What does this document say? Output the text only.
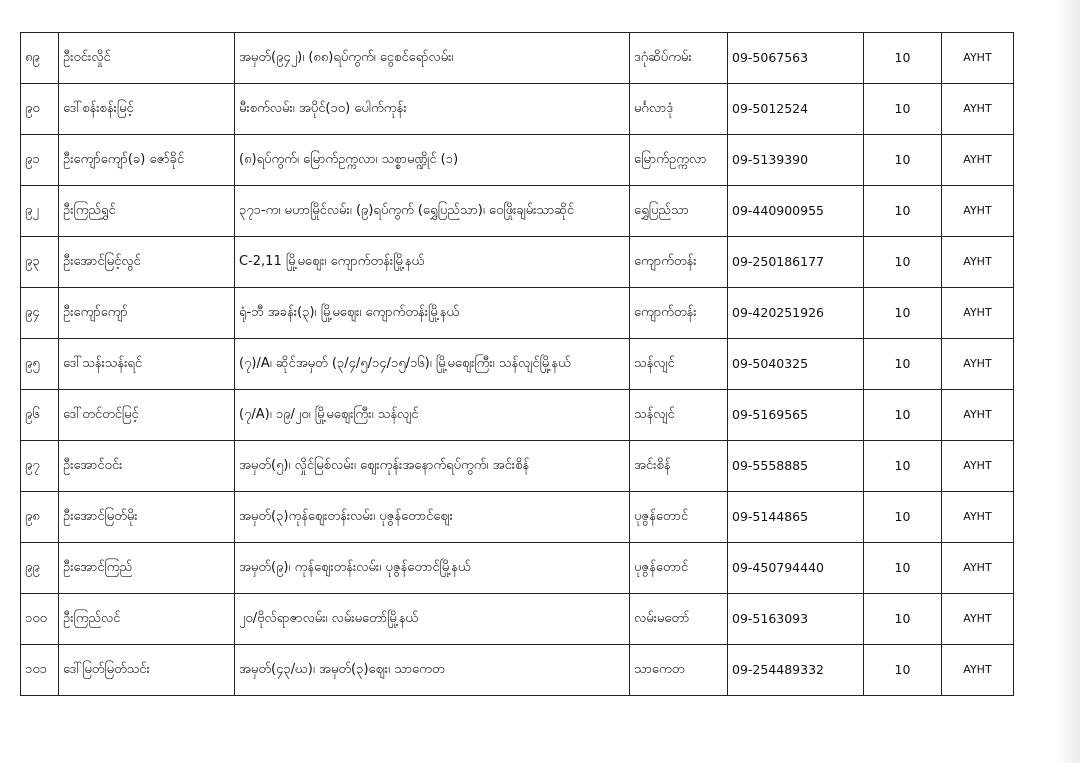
၈၉	ဦးဝင်းလှိုင်	အမှတ်(၉၄၂)၊ (၈၈)ရပ်ကွက်၊ ငွေစင်ရော်လမ်း၊	ဒဂုံဆိပ်ကမ်း	09-5067563	10	AYHT
၉၀	ဒေါ်စန်းစန်းမြင့်	မီးစက်လမ်း၊ အပိုင်(၁၀) ပေါက်ကုန်း	မင်္ဂလာဒုံ	09-5012524	10	AYHT
၉၁	ဦးကျော်ကျော်(ခ) ဇော်ခိုင်	(၈)ရပ်ကွက်၊ မြောက်ဥက္ကလာ၊ သစ္စာမဏ္ဍိုင် (၁)	မြောက်ဥက္ကလာ	09-5139390	10	AYHT
၉၂	ဦးကြည်ရွှင်	၃၇၁-က၊ မဟာမြိုင်လမ်း၊ (၉)ရပ်ကွက် (ရွှေပြည်သာ)၊ ဝေဖြိုးချမ်းသာဆိုင်	ရွှေပြည်သာ	09-440900955	10	AYHT
၉၃	ဦးအောင်မြင့်လွင်	C-2,11 မြို့မဈေး၊ ကျောက်တန်းမြို့နယ်	ကျောက်တန်း	09-250186177	10	AYHT
၉၄	ဦးကျော်ကျော်	ရုံ-ဘီ အခန်း(၃)၊ မြို့မဈေး၊ ကျောက်တန်းမြို့နယ်	ကျောက်တန်း	09-420251926	10	AYHT
၉၅	ဒေါ်သန်းသန်းရင်	(၇)/A၊ ဆိုင်အမှတ် (၃/၄/၅/၁၄/၁၅/၁၆)၊ မြို့မဈေးကြီး၊ သန်လျင်မြို့နယ်	သန်လျင်	09-5040325	10	AYHT
၉၆	ဒေါ်တင်တင်မြင့်	(၇/A)၊ ၁၉/၂၀၊ မြို့မဈေးကြီး၊ သန်လျင်	သန်လျင်	09-5169565	10	AYHT
၉၇	ဦးအောင်ဝင်း	အမှတ်(၅)၊ လှိုင်မြစ်လမ်း၊ ဈေးကုန်းအနောက်ရပ်ကွက်၊ အင်းစိန်	အင်းစိန်	09-5558885	10	AYHT
၉၈	ဦးအောင်မြတ်မိုး	အမှတ်(၃)ကုန်ဈေးတန်းလမ်း၊ ပုဇွန်တောင်ဈေး	ပုဇွန်တောင်	09-5144865	10	AYHT
၉၉	ဦးအောင်ကြည်	အမှတ်(၉)၊ ကုန်ဈေးတန်းလမ်း၊ ပုဇွန်တောင်မြို့နယ်	ပုဇွန်တောင်	09-450794440	10	AYHT
၁၀၀	ဦးကြည်လင်	၂၀/ဗိုလ်ရာဇာလမ်း၊ လမ်းမတော်မြို့နယ်	လမ်းမတော်	09-5163093	10	AYHT
၁၀၁	ဒေါ်မြတ်မြတ်သင်း	အမှတ်(၄၃/ဃ)၊ အမှတ်(၃)ဈေး၊ သာကေတ	သာကေတ	09-254489332	10	AYHT
